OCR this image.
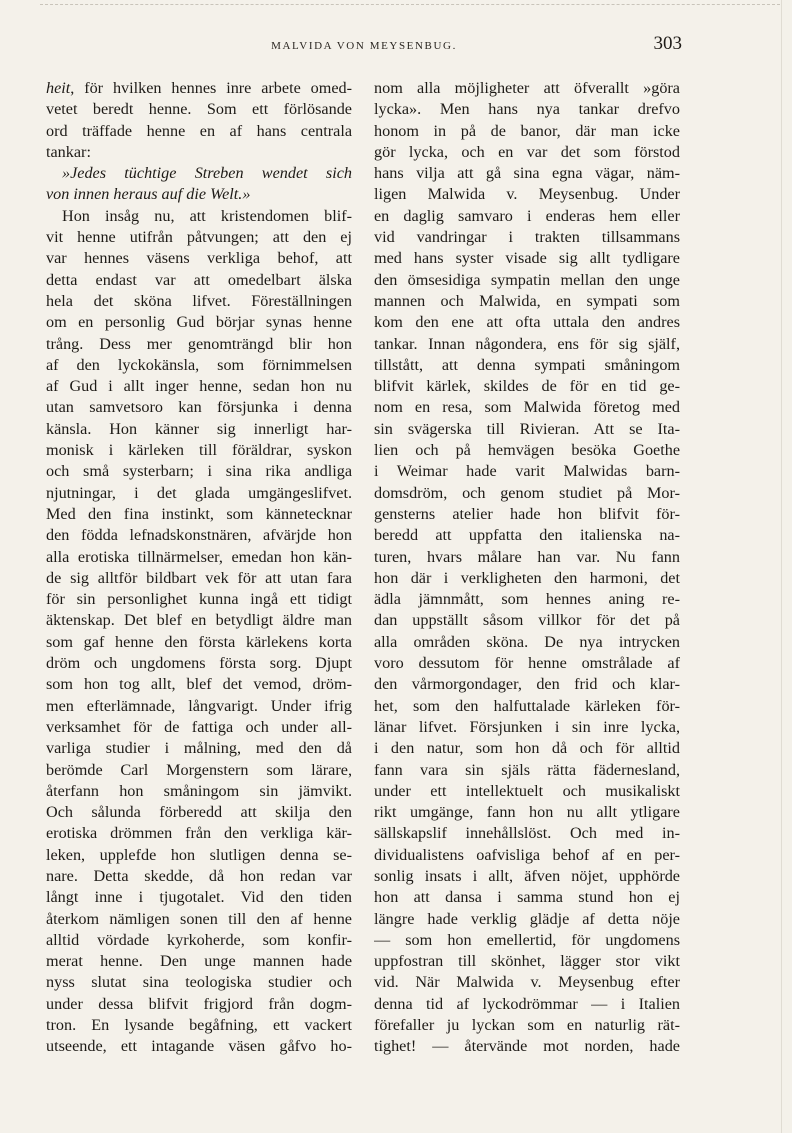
MALVIDA VON MEYSENBUG.	303
heit, för hvilken hennes inre arbete omed-
vetet beredt henne. Som ett förlösande
ord träffade henne en af hans centrala
tankar:
»Jedes tüchtige Streben wendet sich
von innen heraus auf die Welt.»
Hon insåg nu, att kristendomen blif-
vit henne utifrån påtvungen; att den ej
var hennes väsens verkliga behof, att
detta endast var att omedelbart älska
hela det sköna lifvet. Föreställningen
om en personlig Gud börjar synas henne
trång. Dess mer genomträngd blir hon
af den lyckokänsla, som förnimmelsen
af Gud i allt inger henne, sedan hon nu
utan samvetsoro kan försjunka i denna
känsla. Hon känner sig innerligt har-
monisk i kärleken till föräldrar, syskon
och små systerbarn; i sina rika andliga
njutningar, i det glada umgängeslifvet.
Med den fina instinkt, som kännetecknar
den födda lefnadskonstnären, afvärjde hon
alla erotiska tillnärmelser, emedan hon kän-
de sig alltför bildbart vek för att utan fara
för sin personlighet kunna ingå ett tidigt
äktenskap. Det blef en betydligt äldre man
som gaf henne den första kärlekens korta
dröm och ungdomens första sorg. Djupt
som hon tog allt, blef det vemod, dröm-
men efterlämnade, långvarigt. Under ifrig
verksamhet för de fattiga och under all-
varliga studier i målning, med den då
berömde Carl Morgenstern som lärare,
återfann hon småningom sin jämvikt.
Och sålunda förberedd att skilja den
erotiska drömmen från den verkliga kär-
leken, upplefde hon slutligen denna se-
nare. Detta skedde, då hon redan var
långt inne i tjugotalet. Vid den tiden
återkom nämligen sonen till den af henne
alltid vördade kyrkoherde, som konfir-
merat henne. Den unge mannen hade
nyss slutat sina teologiska studier och
under dessa blifvit frigjord från dogm-
tron. En lysande begåfning, ett vackert
utseende, ett intagande väsen gåfvo ho-
nom alla möjligheter att öfverallt »göra
lycka». Men hans nya tankar drefvo
honom in på de banor, där man icke
gör lycka, och en var det som förstod
hans vilja att gå sina egna vägar, näm-
ligen Malwida v. Meysenbug. Under
en daglig samvaro i enderas hem eller
vid vandringar i trakten tillsammans
med hans syster visade sig allt tydligare
den ömsesidiga sympatin mellan den unge
mannen och Malwida, en sympati som
kom den ene att ofta uttala den andres
tankar. Innan någondera, ens för sig själf,
tillstått, att denna sympati småningom
blifvit kärlek, skildes de för en tid ge-
nom en resa, som Malwida företog med
sin svägerska till Rivieran. Att se Ita-
lien och på hemvägen besöka Goethe
i Weimar hade varit Malwidas barn-
domsdröm, och genom studiet på Mor-
gensterns atelier hade hon blifvit för-
beredd att uppfatta den italienska na-
turen, hvars målare han var. Nu fann
hon där i verkligheten den harmoni, det
ädla jämnmått, som hennes aning re-
dan uppställt såsom villkor för det på
alla områden sköna. De nya intrycken
voro dessutom för henne omstrålade af
den vårmorgondager, den frid och klar-
het, som den halfuttalade kärleken för-
länar lifvet. Försjunken i sin inre lycka,
i den natur, som hon då och för alltid
fann vara sin själs rätta fädernesland,
under ett intellektuelt och musikaliskt
rikt umgänge, fann hon nu allt ytligare
sällskapslif innehållslöst. Och med in-
dividualistens oafvisliga behof af en per-
sonlig insats i allt, äfven nöjet, upphörde
hon att dansa i samma stund hon ej
längre hade verklig glädje af detta nöje
— som hon emellertid, för ungdomens
uppfostran till skönhet, lägger stor vikt
vid. När Malwida v. Meysenbug efter
denna tid af lyckodrömmar — i Italien
förefaller ju lyckan som en naturlig rät-
tighet! — återvände mot norden, hade
